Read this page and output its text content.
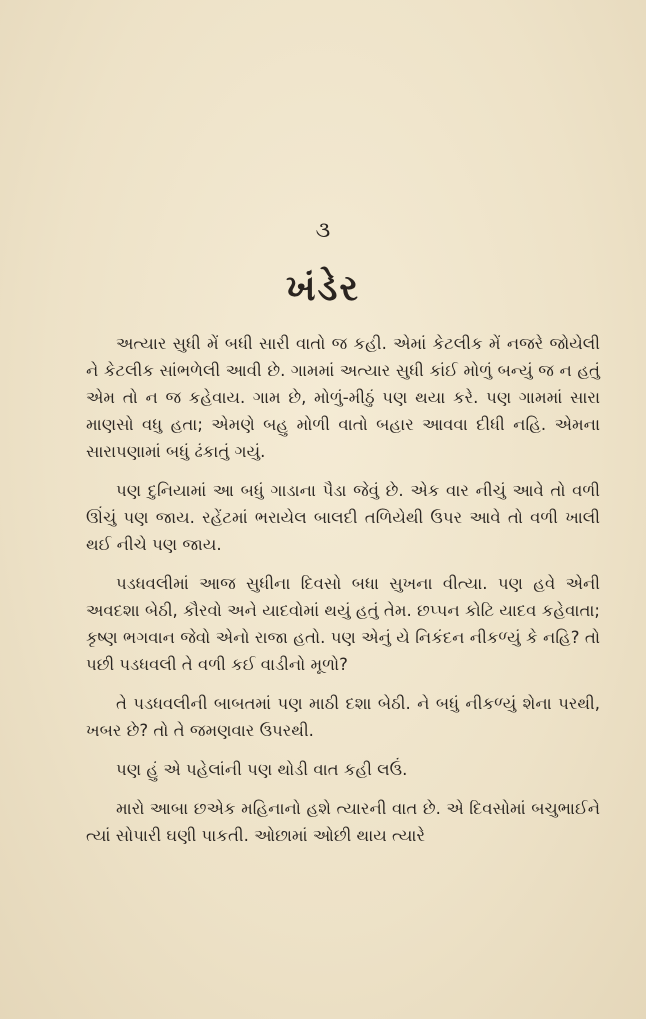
૩
ખંડેર

અત્યાર સુધી મેં બધી સારી વાતો જ કહી. એમાં કેટલીક મેં નજરે જોયેલી ને કેટલીક સાંભળેલી આવી છે. ગામમાં અત્યાર સુધી કાંઈ મોળું બન્યું જ ન હતું એમ તો ન જ કહેવાય. ગામ છે, મોળું-મીઠું પણ થયા કરે. પણ ગામમાં સારા માણસો વધુ હતા; એમણે બહુ મોળી વાતો બહાર આવવા દીધી નહિ. એમના સારાપણામાં બધું ઢંકાતું ગયું.

પણ દુનિયામાં આ બધું ગાડાના પૈડા જેવું છે. એક વાર નીચું આવે તો વળી ઊંચું પણ જાય. રહેંટમાં ભરાયેલ બાલદી તળિયેથી ઉપર આવે તો વળી ખાલી થઈ નીચે પણ જાય.

પડધવલીમાં આજ સુધીના દિવસો બધા સુખના વીત્યા. પણ હવે એની અવદશા બેઠી, કૌરવો અને યાદવોમાં થયું હતું તેમ. છપ્પન કોટિ યાદવ કહેવાતા; કૃષ્ણ ભગવાન જેવો એનો રાજા હતો. પણ એનું યે નિકંદન નીકળ્યું કે નહિ? તો પછી પડધવલી તે વળી કઈ વાડીનો મૂળો?

તે પડધવલીની બાબતમાં પણ માઠી દશા બેઠી. ને બધું નીકળ્યું શેના પરથી, ખબર છે? તો તે જમણવાર ઉપરથી.

પણ હું એ પહેલાંની પણ થોડી વાત કહી લઉં.

મારો આબા છએક મહિનાનો હશે ત્યારની વાત છે. એ દિવસોમાં બચુભાઈને ત્યાં સોપારી ઘણી પાકતી. ઓછામાં ઓછી થાય ત્યારે
